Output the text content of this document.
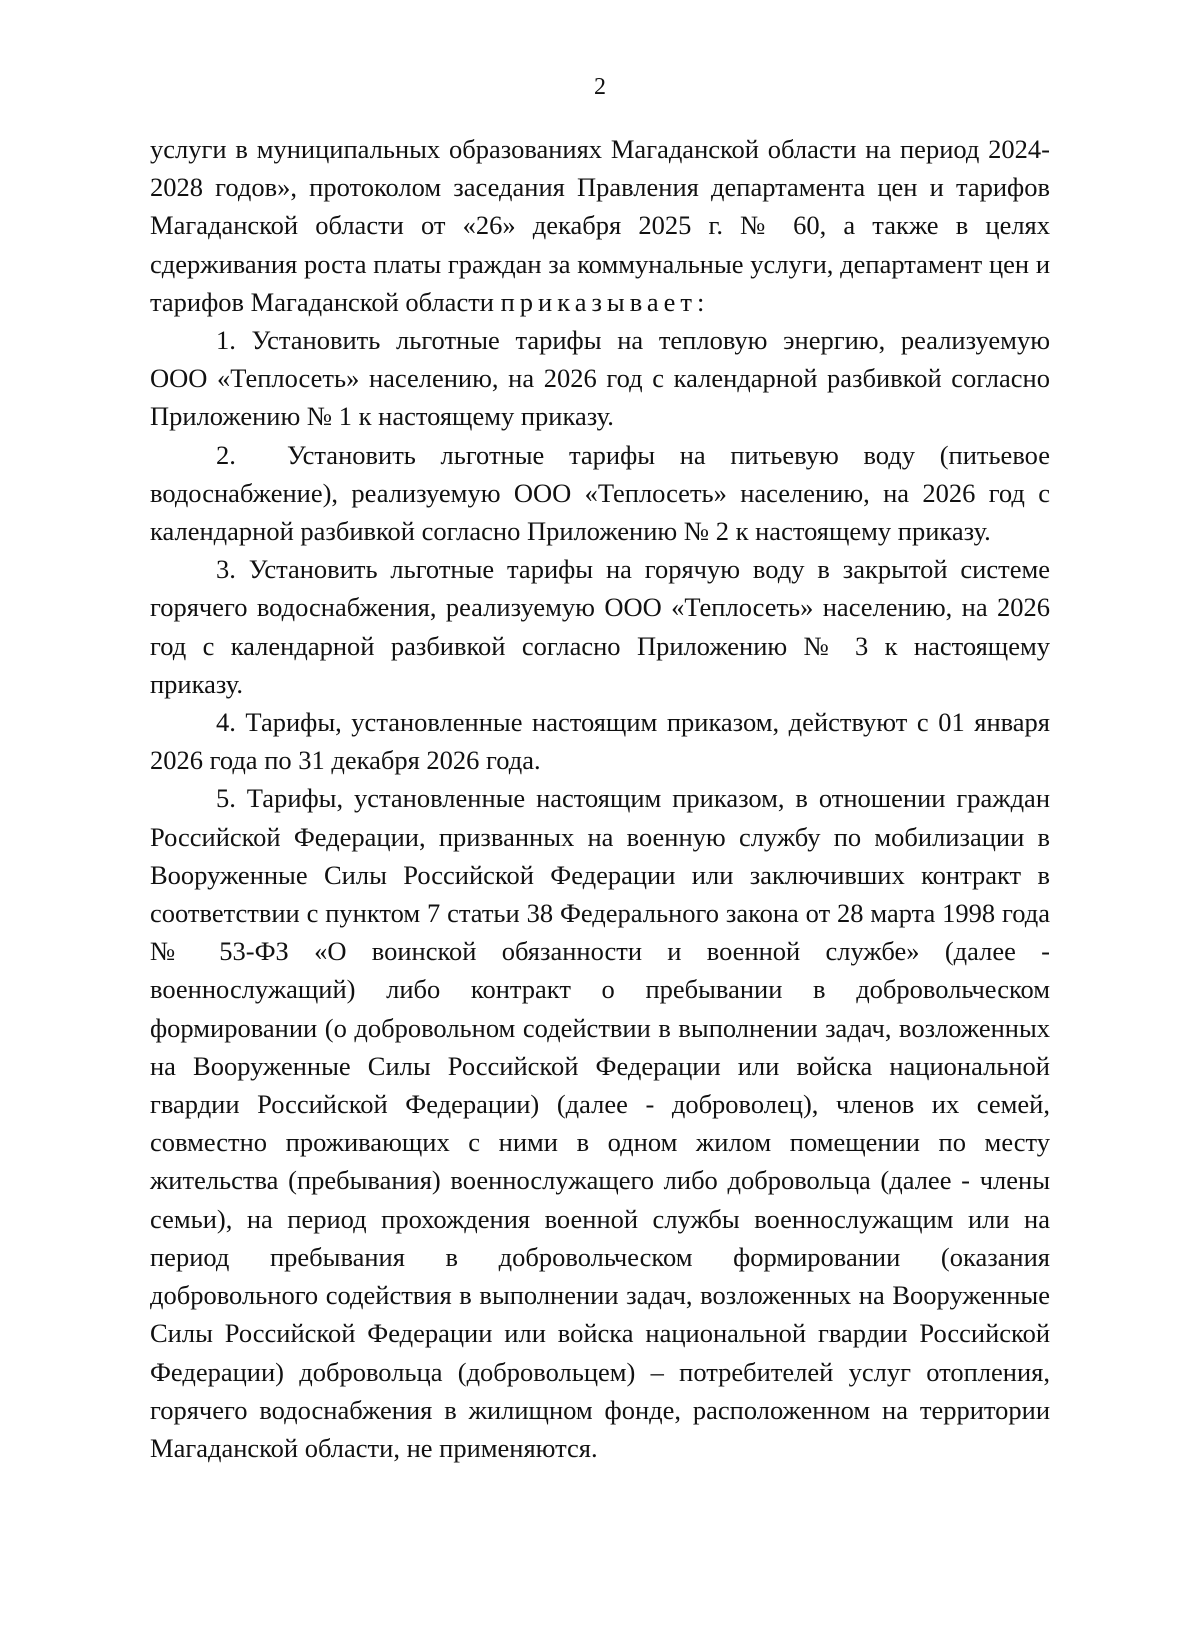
2

услуги в муниципальных образованиях Магаданской области на период 2024-2028 годов», протоколом заседания Правления департамента цен и тарифов Магаданской области от «26» декабря 2025 г. № 60, а также в целях сдерживания роста платы граждан за коммунальные услуги, департамент цен и тарифов Магаданской области приказывает:

1. Установить льготные тарифы на тепловую энергию, реализуемую ООО «Теплосеть» населению, на 2026 год с календарной разбивкой согласно Приложению № 1 к настоящему приказу.

2.  Установить льготные тарифы на питьевую воду (питьевое водоснабжение), реализуемую ООО «Теплосеть» населению, на 2026 год с календарной разбивкой согласно Приложению № 2 к настоящему приказу.

3. Установить льготные тарифы на горячую воду в закрытой системе горячего водоснабжения, реализуемую ООО «Теплосеть» населению, на 2026 год с календарной разбивкой согласно Приложению № 3 к настоящему приказу.

4. Тарифы, установленные настоящим приказом, действуют с 01 января 2026 года по 31 декабря 2026 года.

5. Тарифы, установленные настоящим приказом, в отношении граждан Российской Федерации, призванных на военную службу по мобилизации в Вооруженные Силы Российской Федерации или заключивших контракт в соответствии с пунктом 7 статьи 38 Федерального закона от 28 марта 1998 года № 53-ФЗ «О воинской обязанности и военной службе» (далее - военнослужащий) либо контракт о пребывании в добровольческом формировании (о добровольном содействии в выполнении задач, возложенных на Вооруженные Силы Российской Федерации или войска национальной гвардии Российской Федерации) (далее - доброволец), членов их семей, совместно проживающих с ними в одном жилом помещении по месту жительства (пребывания) военнослужащего либо добровольца (далее - члены семьи), на период прохождения военной службы военнослужащим или на период пребывания в добровольческом формировании (оказания добровольного содействия в выполнении задач, возложенных на Вооруженные Силы Российской Федерации или войска национальной гвардии Российской Федерации) добровольца (добровольцем) – потребителей услуг отопления, горячего водоснабжения в жилищном фонде, расположенном на территории Магаданской области, не применяются.
